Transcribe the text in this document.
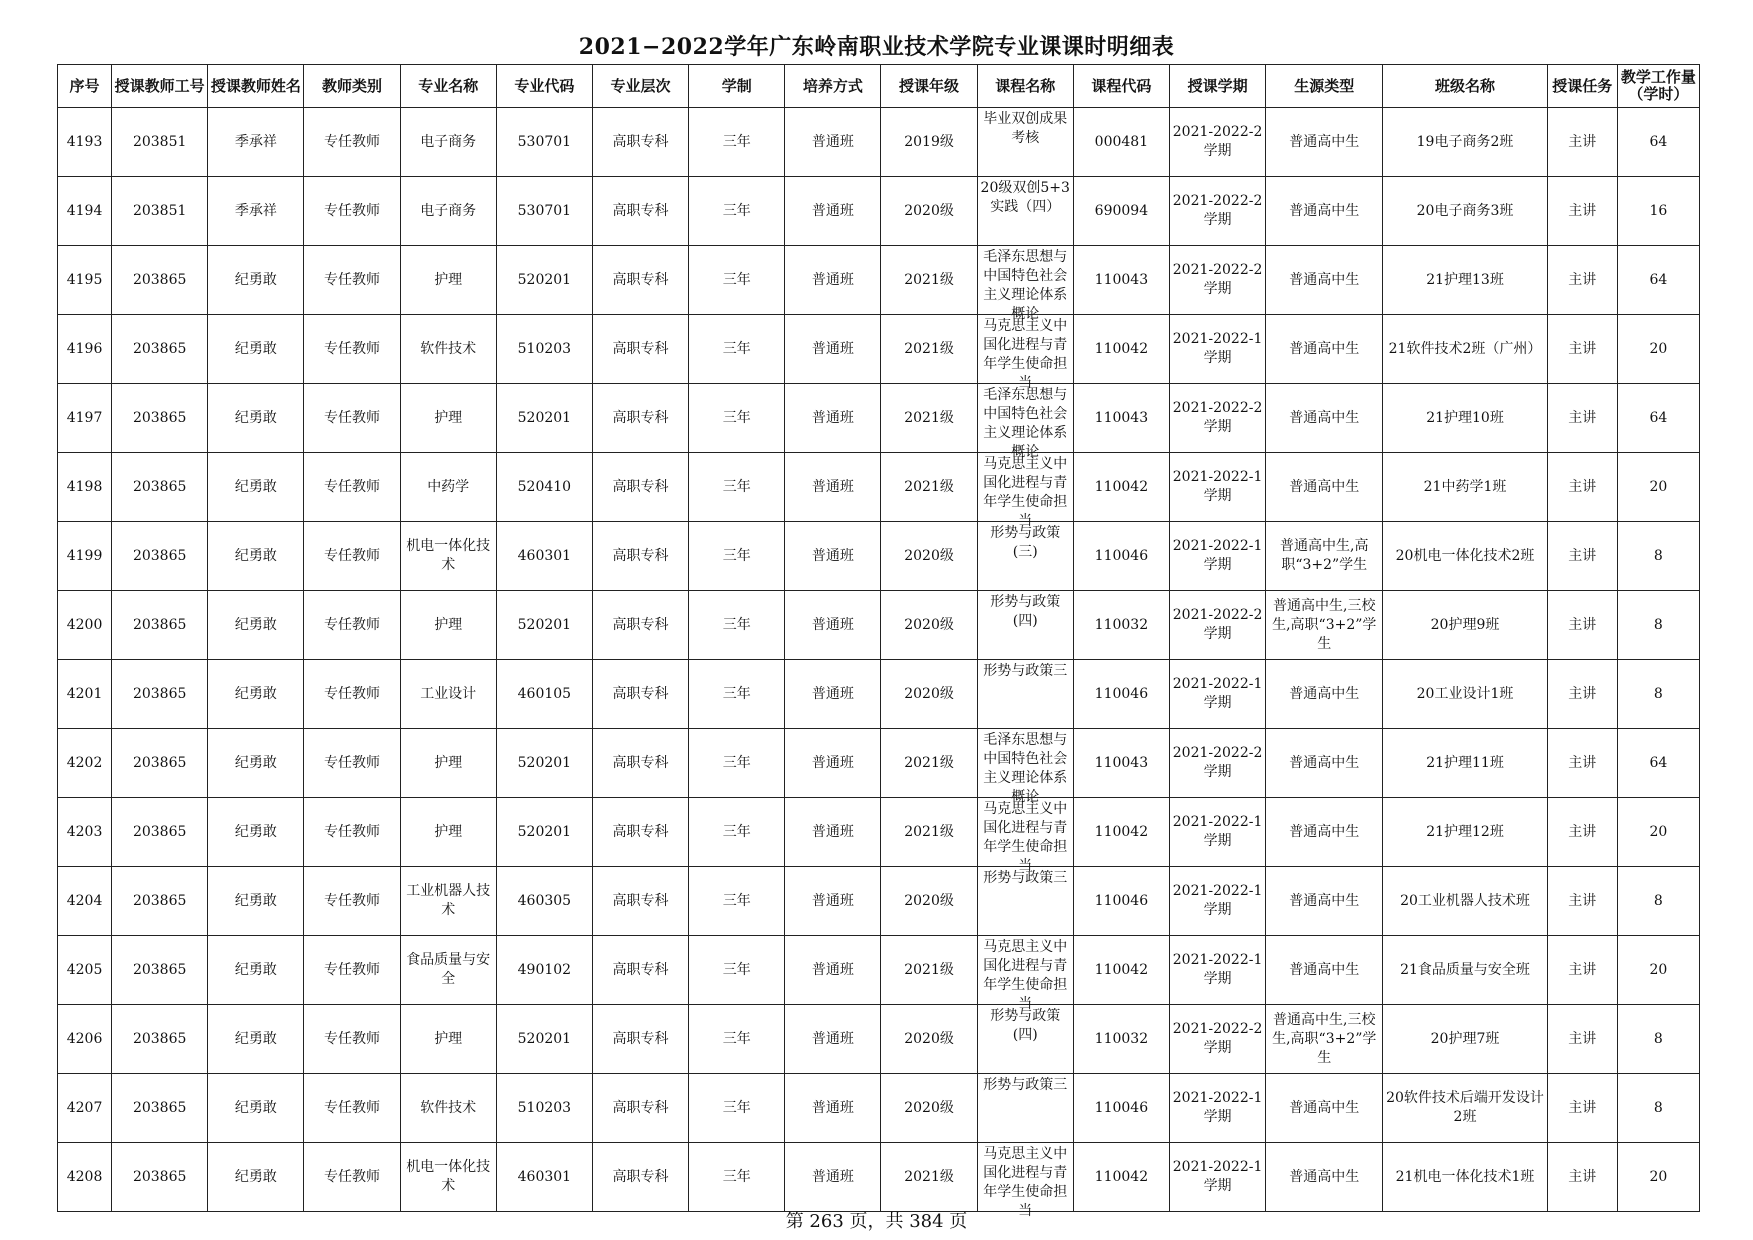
2021−2022学年广东岭南职业技术学院专业课课时明细表
序号	授课教师工号	授课教师姓名	教师类别	专业名称	专业代码	专业层次	学制	培养方式	授课年级	课程名称	课程代码	授课学期	生源类型	班级名称	授课任务	教学工作量（学时）
4193	203851	季承祥	专任教师	电子商务	530701	高职专科	三年	普通班	2019级	毕业双创成果考核	000481	2021-2022-2学期	普通高中生	19电子商务2班	主讲	64
4194	203851	季承祥	专任教师	电子商务	530701	高职专科	三年	普通班	2020级	20级双创5+3实践（四）	690094	2021-2022-2学期	普通高中生	20电子商务3班	主讲	16
4195	203865	纪勇敢	专任教师	护理	520201	高职专科	三年	普通班	2021级	毛泽东思想与中国特色社会主义理论体系概论	110043	2021-2022-2学期	普通高中生	21护理13班	主讲	64
4196	203865	纪勇敢	专任教师	软件技术	510203	高职专科	三年	普通班	2021级	马克思主义中国化进程与青年学生使命担当	110042	2021-2022-1学期	普通高中生	21软件技术2班（广州）	主讲	20
4197	203865	纪勇敢	专任教师	护理	520201	高职专科	三年	普通班	2021级	毛泽东思想与中国特色社会主义理论体系概论	110043	2021-2022-2学期	普通高中生	21护理10班	主讲	64
4198	203865	纪勇敢	专任教师	中药学	520410	高职专科	三年	普通班	2021级	马克思主义中国化进程与青年学生使命担当	110042	2021-2022-1学期	普通高中生	21中药学1班	主讲	20
4199	203865	纪勇敢	专任教师	机电一体化技术	460301	高职专科	三年	普通班	2020级	形势与政策(三)	110046	2021-2022-1学期	普通高中生,高职“3+2”学生	20机电一体化技术2班	主讲	8
4200	203865	纪勇敢	专任教师	护理	520201	高职专科	三年	普通班	2020级	形势与政策(四)	110032	2021-2022-2学期	普通高中生,三校生,高职“3+2”学生	20护理9班	主讲	8
4201	203865	纪勇敢	专任教师	工业设计	460105	高职专科	三年	普通班	2020级	形势与政策三	110046	2021-2022-1学期	普通高中生	20工业设计1班	主讲	8
4202	203865	纪勇敢	专任教师	护理	520201	高职专科	三年	普通班	2021级	毛泽东思想与中国特色社会主义理论体系概论	110043	2021-2022-2学期	普通高中生	21护理11班	主讲	64
4203	203865	纪勇敢	专任教师	护理	520201	高职专科	三年	普通班	2021级	马克思主义中国化进程与青年学生使命担当	110042	2021-2022-1学期	普通高中生	21护理12班	主讲	20
4204	203865	纪勇敢	专任教师	工业机器人技术	460305	高职专科	三年	普通班	2020级	形势与政策三	110046	2021-2022-1学期	普通高中生	20工业机器人技术班	主讲	8
4205	203865	纪勇敢	专任教师	食品质量与安全	490102	高职专科	三年	普通班	2021级	马克思主义中国化进程与青年学生使命担当	110042	2021-2022-1学期	普通高中生	21食品质量与安全班	主讲	20
4206	203865	纪勇敢	专任教师	护理	520201	高职专科	三年	普通班	2020级	形势与政策(四)	110032	2021-2022-2学期	普通高中生,三校生,高职“3+2”学生	20护理7班	主讲	8
4207	203865	纪勇敢	专任教师	软件技术	510203	高职专科	三年	普通班	2020级	形势与政策三	110046	2021-2022-1学期	普通高中生	20软件技术后端开发设计2班	主讲	8
4208	203865	纪勇敢	专任教师	机电一体化技术	460301	高职专科	三年	普通班	2021级	马克思主义中国化进程与青年学生使命担当	110042	2021-2022-1学期	普通高中生	21机电一体化技术1班	主讲	20
第 263 页，共 384 页
